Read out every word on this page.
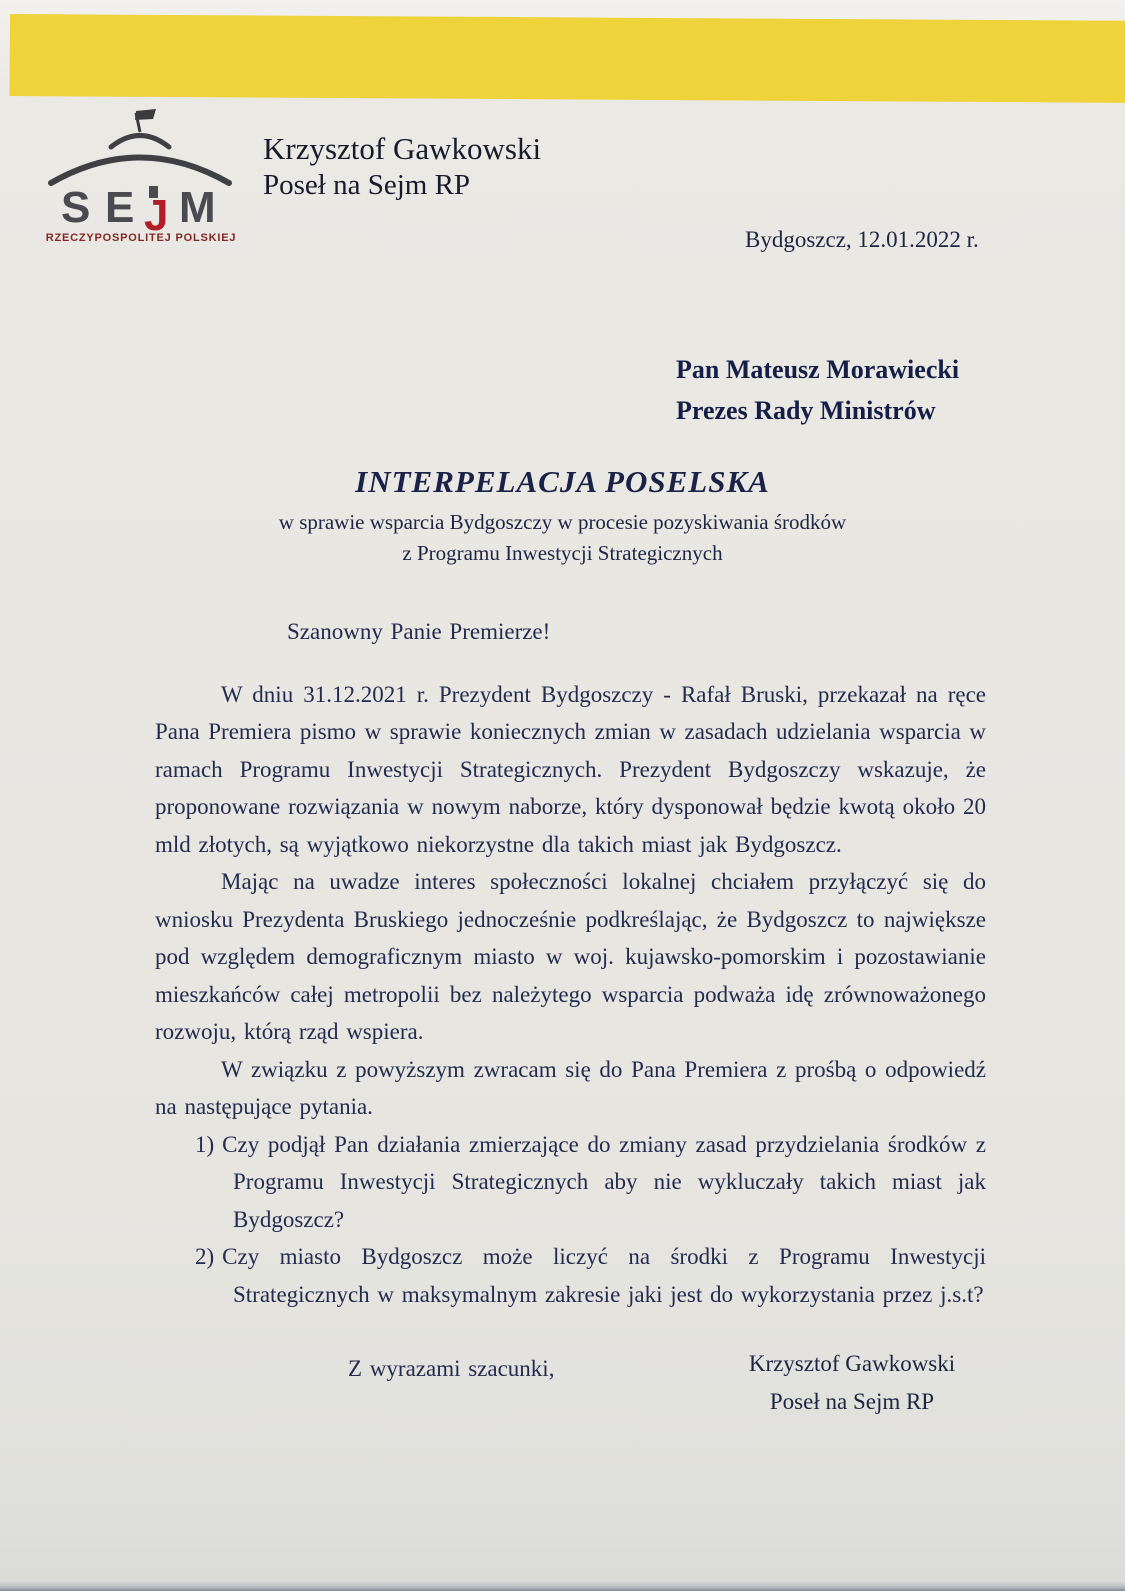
S E J M
RZECZYPOSPOLITEJ POLSKIEJ
Krzysztof Gawkowski
Poseł na Sejm RP
Bydgoszcz, 12.01.2022 r.
Pan Mateusz Morawiecki
Prezes Rady Ministrów
INTERPELACJA POSELSKA
w sprawie wsparcia Bydgoszczy w procesie pozyskiwania środków
z Programu Inwestycji Strategicznych
Szanowny Panie Premierze!

W dniu 31.12.2021 r. Prezydent Bydgoszczy - Rafał Bruski, przekazał na ręce Pana Premiera pismo w sprawie koniecznych zmian w zasadach udzielania wsparcia w ramach Programu Inwestycji Strategicznych. Prezydent Bydgoszczy wskazuje, że proponowane rozwiązania w nowym naborze, który dysponował będzie kwotą około 20 mld złotych, są wyjątkowo niekorzystne dla takich miast jak Bydgoszcz.

Mając na uwadze interes społeczności lokalnej chciałem przyłączyć się do wniosku Prezydenta Bruskiego jednocześnie podkreślając, że Bydgoszcz to największe pod względem demograficznym miasto w woj. kujawsko-pomorskim i pozostawianie mieszkańców całej metropolii bez należytego wsparcia podważa idę zrównoważonego rozwoju, którą rząd wspiera.

W związku z powyższym zwracam się do Pana Premiera z prośbą o odpowiedź na następujące pytania.

1) Czy podjął Pan działania zmierzające do zmiany zasad przydzielania środków z Programu Inwestycji Strategicznych aby nie wykluczały takich miast jak Bydgoszcz?
2) Czy miasto Bydgoszcz może liczyć na środki z Programu Inwestycji Strategicznych w maksymalnym zakresie jaki jest do wykorzystania przez j.s.t?
Z wyrazami szacunki,	Krzysztof Gawkowski
Poseł na Sejm RP
